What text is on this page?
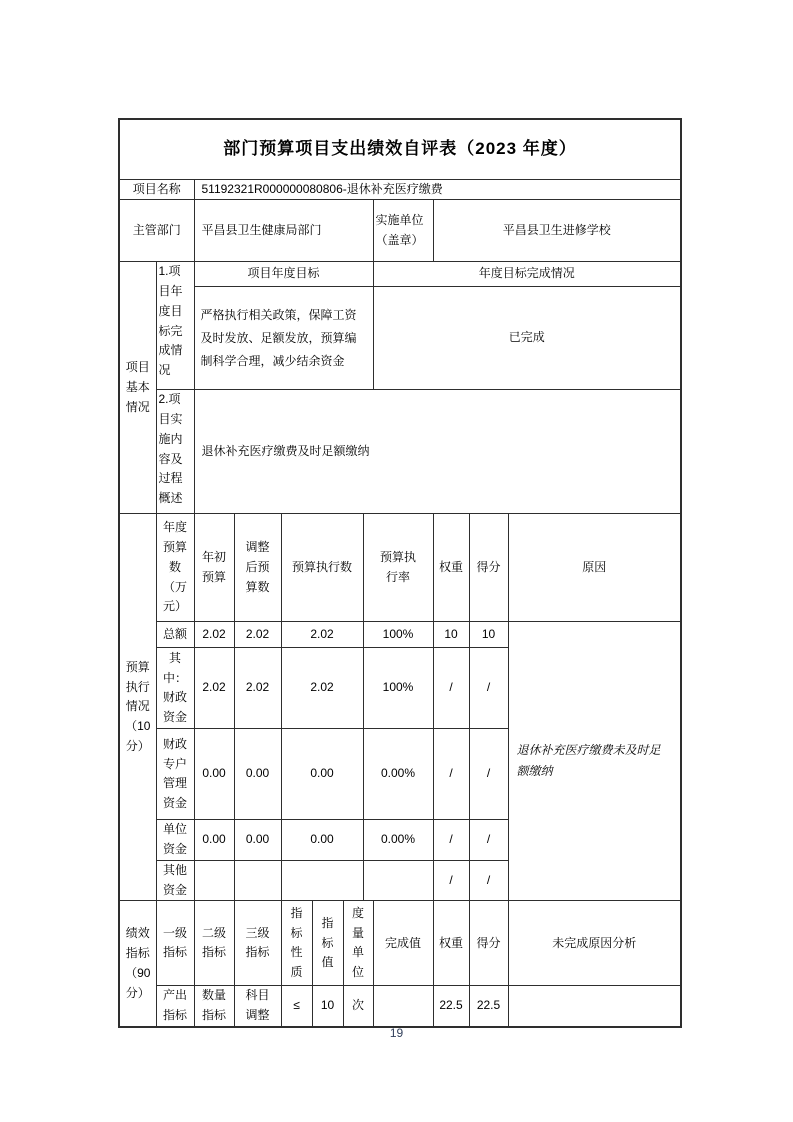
部门预算项目支出绩效自评表（2023 年度）											
项目名称		51192321R000000080806-退休补充医疗缴费									
主管部门		平昌县卫生健康局部门						实施单位（盖章）	平昌县卫生进修学校		
项目基本情况	1.项目年度目标完成情况	项目年度目标						年度目标完成情况			
		严格执行相关政策，保障工资及时发放、足额发放，预算编制科学合理，减少结余资金						已完成			
	2.项目实施内容及过程概述	退休补充医疗缴费及时足额缴纳									
预算执行情况（10分）	年度预算数（万元）	年初预算	调整后预算数	预算执行数			预算执行率		权重	得分	原因
	总额	2.02	2.02	2.02			100%		10	10	退休补充医疗缴费未及时足额缴纳
	其中：财政资金	2.02	2.02	2.02			100%		/	/	
	财政专户管理资金	0.00	0.00	0.00			0.00%		/	/	
	单位资金	0.00	0.00	0.00			0.00%		/	/	
	其他资金								/	/	
绩效指标（90分）	一级指标	二级指标	三级指标	指标性质	指标值	度量单位		完成值	权重	得分	未完成原因分析
	产出指标	数量指标	科目调整	≤	10	次			22.5	22.5	
19
